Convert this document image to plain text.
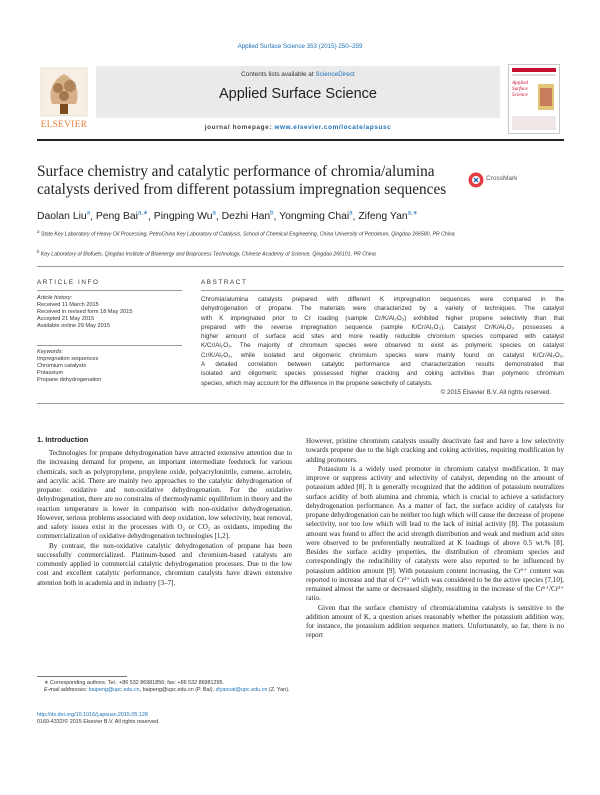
Applied Surface Science 353 (2015) 250–259
ELSEVIER
Contents lists available at ScienceDirect
Applied Surface Science
journal homepage: www.elsevier.com/locate/apsusc
Applied Surface Science
Surface chemistry and catalytic performance of chromia/alumina catalysts derived from different potassium impregnation sequences
CrossMark
Daolan Liu$^a$, Peng Bai$^{a,∗}$, Pingping Wu$^a$, Dezhi Han$^b$, Yongming Chai$^a$, Zifeng Yan$^{a,∗}$
$^a$ State Key Laboratory of Heavy Oil Processing, PetroChina Key Laboratory of Catalysis, School of Chemical Engineering, China University of Petroleum, Qingdao 266580, PR China
$^b$ Key Laboratory of Biofuels, Qingdao Institute of Bioenergy and Bioprocess Technology, Chinese Academy of Science, Qingdao 266101, PR China
ARTICLE INFO
Article history:
Received 11 March 2015
Received in revised form 18 May 2015
Accepted 21 May 2015
Available online 29 May 2015
Keywords:
Impregnation sequences
Chromium catalysts
Potassium
Propane dehydrogenation
ABSTRACT
Chromia/alumina catalysts prepared with different K impregnation sequences were compared in the
dehydrogenation of propane. The materials were characterized by a variety of techniques. The catalyst
with K impregnated prior to Cr loading (sample Cr/K/Al₂O₃) exhibited higher propene selectivity than that
prepared with the reverse impregnation sequence (sample K/Cr/Al₂O₃). Catalyst Cr/K/Al₂O₃ possesses a
higher amount of surface acid sites and more readily reducible chromium species compared with catalyst
K/Cr/Al₂O₃. The majority of chromium species were observed to exist as polymeric species on catalyst
Cr/K/Al₂O₃, while isolated and oligomeric chromium species were mainly found on catalyst K/Cr/Al₂O₃.
A detailed correlation between catalytic performance and characterization results demonstrated that
isolated and oligomeric species possessed higher cracking and coking activities than polymeric chromium
species, which may account for the difference in the propene selectivity of catalysts.
© 2015 Elsevier B.V. All rights reserved.
1. Introduction

Technologies for propane dehydrogenation have attracted extensive attention due to the increasing demand for propene, an important intermediate feedstock for various chemicals, such as polypropylene, propylene oxide, polyacrylonitrile, cumene, acrolein, and acrylic acid. There are mainly two approaches to the catalytic dehydrogenation of propane: oxidative and non-oxidative dehydrogenation. For the oxidative dehydrogenation, there are no constrains of thermodynamic equilibrium in theory and the reaction temperature is lower in comparison with non-oxidative dehydrogenation. However, serious problems associated with deep oxidation, low selectivity, heat removal, and safety issues exist in the processes with O₂ or CO₂ as oxidants, impeding the commercialization of oxidative dehydrogenation technologies [1,2].

By contrast, the non-oxidative catalytic dehydrogenation of propane has been successfully commercialized. Platinum-based and chromium-based catalysts are commonly applied in commercial catalytic dehydrogenation processes. Due to the low cost and excellent catalytic performance, chromium catalysts have drawn extensive attention both in academia and in industry [3–7].

However, pristine chromium catalysts usually deactivate fast and have a low selectivity towards propene due to the high cracking and coking activities, requiring modification by adding promoters.

Potassium is a widely used promoter in chromium catalyst modification. It may improve or suppress activity and selectivity of catalyst, depending on the amount of potassium added [8]. It is generally recognized that the addition of potassium neutralizes surface acidity of both alumina and chromia, which is crucial to achieve a satisfactory dehydrogenation performance. As a matter of fact, the surface acidity of catalysts for propane dehydrogenation can be neither too high which will cause the decrease of propene selectivity, nor too low which will lead to the lack of initial activity [8]. The potassium amount was found to affect the acid strength distribution and weak and medium acid sites were observed to be preferentially neutralized at K loadings of above 0.5 wt.% [8]. Besides the surface acidity properties, the distribution of chromium species and correspondingly the reducibility of catalysts were also reported to be influenced by potassium addition amount [9]. With potassium content increasing, the Cr⁶⁺ content was reported to increase and that of Cr³⁺ which was considered to be the active species [7,10], remained almost the same or decreased slightly, resulting in the increase of the Cr⁶⁺/Cr³⁺ ratio.

Given that the surface chemistry of chromia/alumina catalysts is sensitive to the addition amount of K, a question arises reasonably whether the potassium addition way, for instance, the potassium addition sequence matters. Unfortunately, so far, there is no report

∗ Corresponding authors. Tel.: +86 532 86981856; fax: +86 532 86981295.
E-mail addresses: baipeng@upc.edu.cn, baipeng@upc.edu.cn (P. Bai), zfyancat@upc.edu.cn (Z. Yan).
http://dx.doi.org/10.1016/j.apsusc.2015.05.128
0169-4332/© 2015 Elsevier B.V. All rights reserved.
